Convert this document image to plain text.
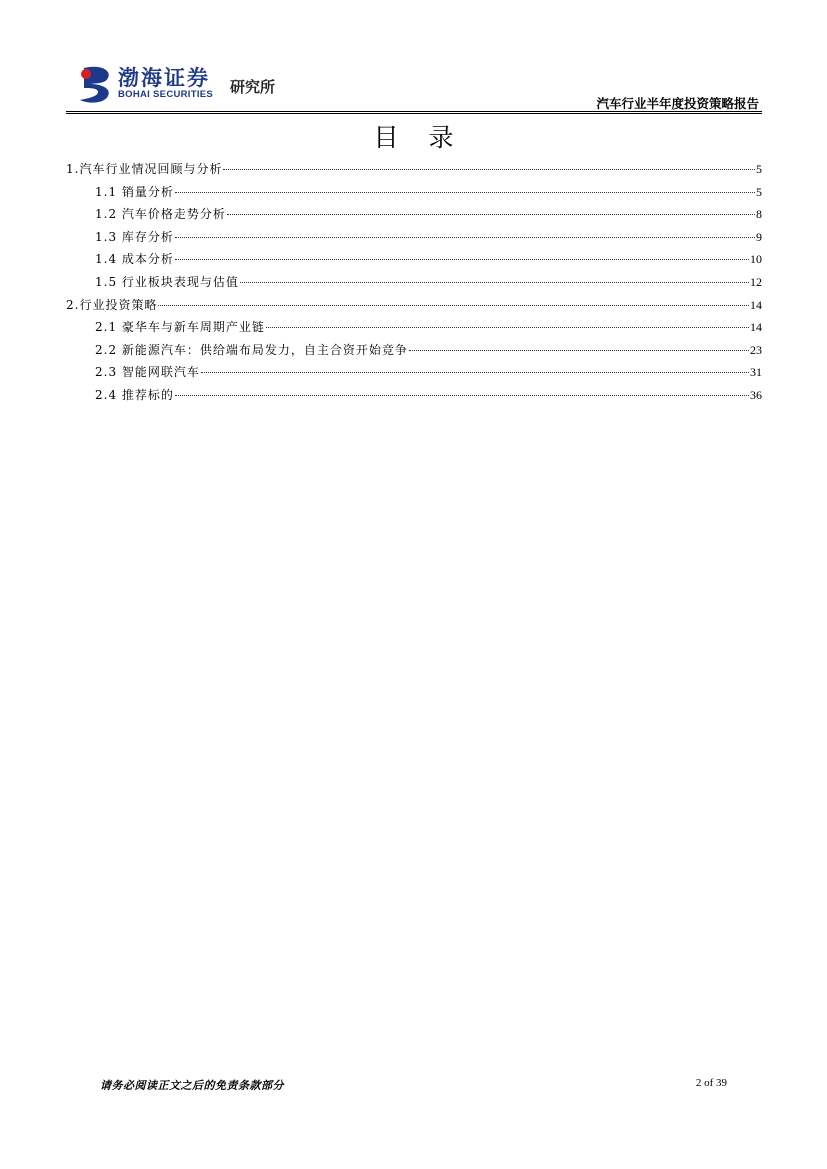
渤海证券
BOHAI SECURITIES 研究所
汽车行业半年度投资策略报告
目录
1.汽车行业情况回顾与分析	5
1.1 销量分析	5
1.2 汽车价格走势分析	8
1.3 库存分析	9
1.4 成本分析	10
1.5 行业板块表现与估值	12
2.行业投资策略	14
2.1 豪华车与新车周期产业链	14
2.2 新能源汽车：供给端布局发力，自主合资开始竞争	23
2.3 智能网联汽车	31
2.4 推荐标的	36
请务必阅读正文之后的免责条款部分	2 of 39
